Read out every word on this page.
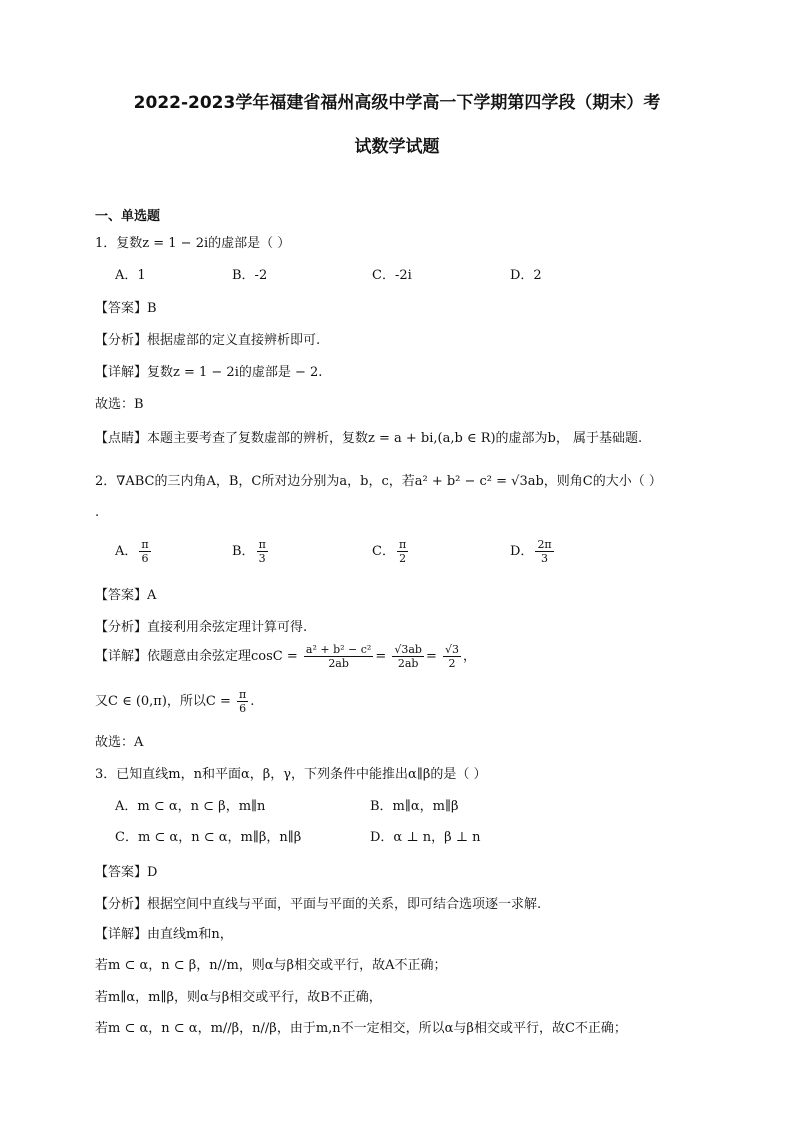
2022-2023学年福建省福州高级中学高一下学期第四学段（期末）考
试数学试题
一、单选题
1．复数z = 1 − 2i的虚部是（ ）
A．1	B．-2	C．-2i	D．2
【答案】B
【分析】根据虚部的定义直接辨析即可.
【详解】复数z = 1 − 2i的虚部是 − 2.
故选：B
【点睛】本题主要考查了复数虚部的辨析，复数z = a + bi,(a,b ∈ R)的虚部为b， 属于基础题.
2．∇ABC的三内角A，B，C所对边分别为a，b，c，若a² + b² − c² = √3ab，则角C的大小（ ）
.
A． $\frac{\pi}{6}$	B． $\frac{\pi}{3}$	C． $\frac{\pi}{2}$	D． $\frac{2\pi}{3}$
【答案】A
【分析】直接利用余弦定理计算可得.
【详解】依题意由余弦定理$\cos C = \frac{\text{a² + b² − c²}}{2ab} = \frac{√3ab}{2ab} = \frac{√3}{2}$ ，
又C ∈ (0,π)，所以$C = \frac{\pi}{6}$ .
故选：A
3．已知直线m，n和平面α，β，γ，下列条件中能推出α∥β的是（ ）
A．m ⊂ α，n ⊂ β，m∥n	B．m∥α，m∥β
C．m ⊂ α，n ⊂ α，m∥β，n∥β	D．α ⊥ n，β ⊥ n
【答案】D
【分析】根据空间中直线与平面，平面与平面的关系，即可结合选项逐一求解.
【详解】由直线m和n，
若m ⊂ α，n ⊂ β，n//m，则α与β相交或平行，故A不正确；
若m∥α，m∥β，则α与β相交或平行，故B不正确，
若m ⊂ α，n ⊂ α，m//β，n//β，由于m,n不一定相交，所以α与β相交或平行，故C不正确；
